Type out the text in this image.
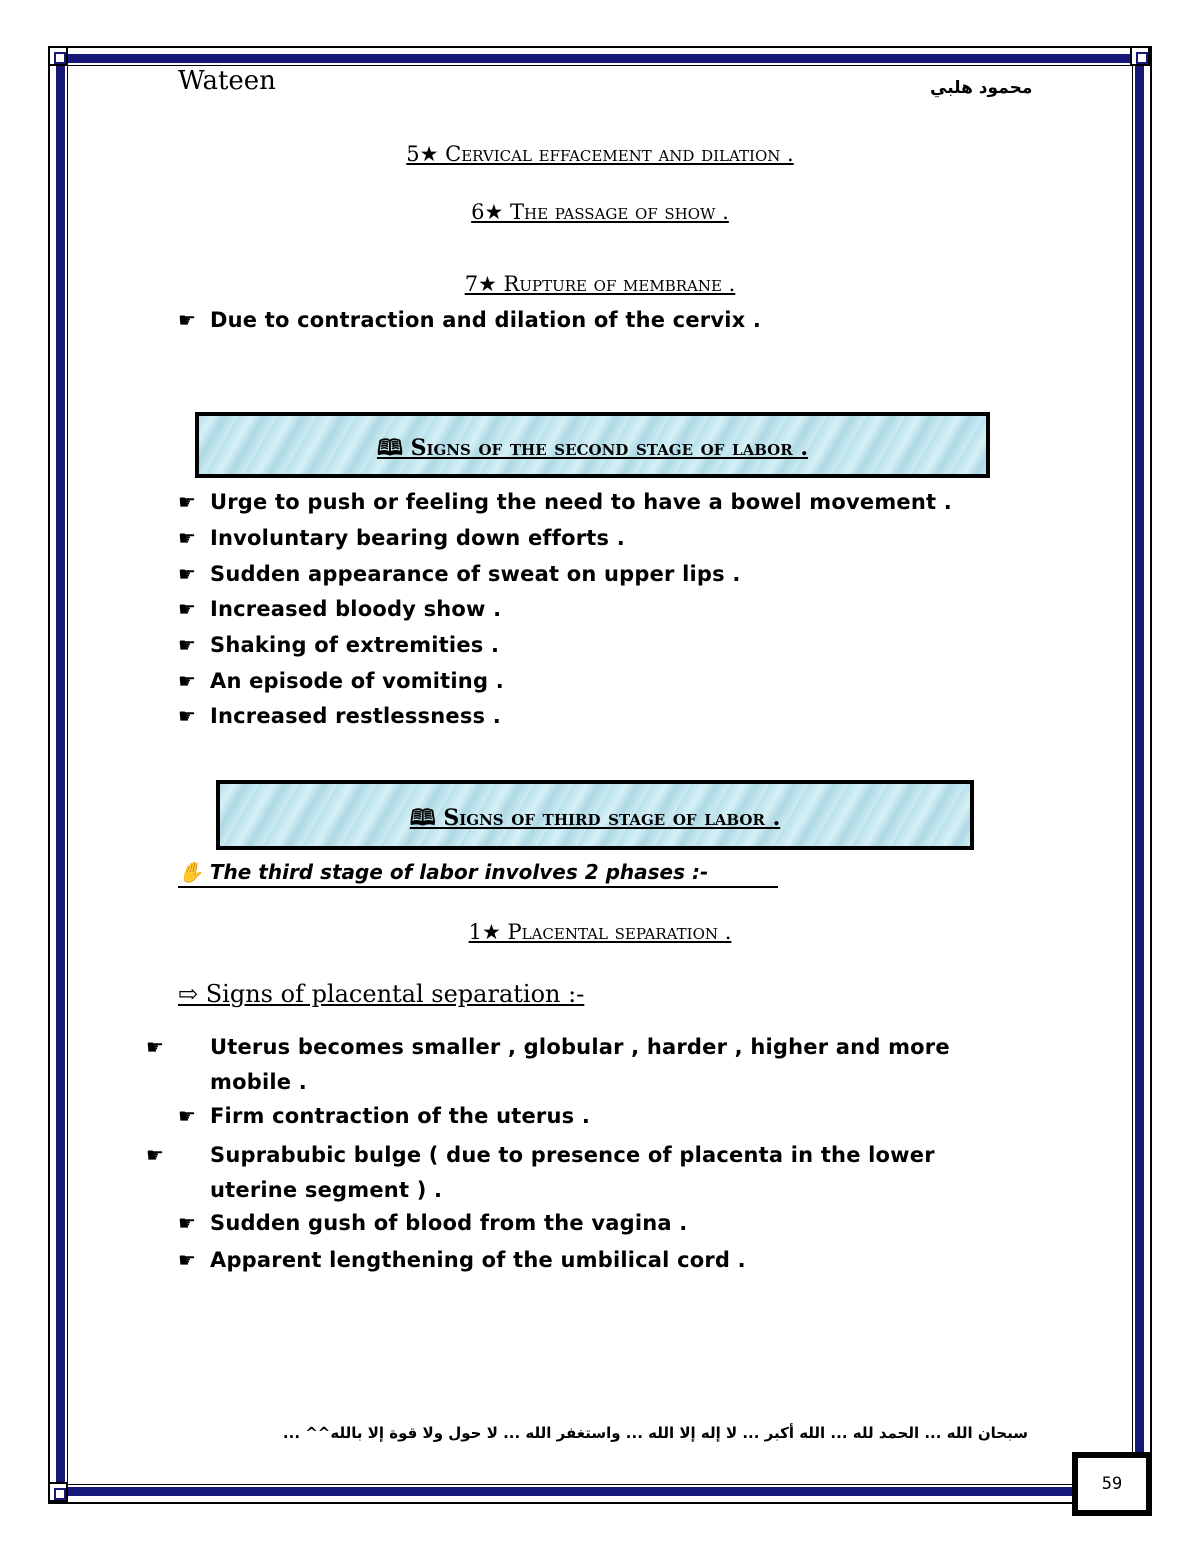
Wateen	محمود هلبي
5★ Cervical effacement and dilation .
6★ The passage of show .
7★ Rupture of membrane .
☛ Due to contraction and dilation of the cervix .
🕮 Signs of the second stage of labor .
☛ Urge to push or feeling the need to have a bowel movement .
☛ Involuntary bearing down efforts .
☛ Sudden appearance of sweat on upper lips .
☛ Increased bloody show .
☛ Shaking of extremities .
☛ An episode of vomiting .
☛ Increased restlessness .
🕮 Signs of third stage of labor .
✋ The third stage of labor involves 2 phases :-
1★ Placental separation .
⇨ Signs of placental separation :-
☛ Uterus becomes smaller , globular , harder , higher and more mobile .
☛ Firm contraction of the uterus .
☛ Suprabubic bulge ( due to presence of placenta in the lower uterine segment ) .
☛ Sudden gush of blood from the vagina .
☛ Apparent lengthening of the umbilical cord .
سبحان الله ... الحمد لله ... الله أكبر ... لا إله إلا الله ... واستغفر الله ... لا حول ولا قوة إلا بالله^^ ...
59
